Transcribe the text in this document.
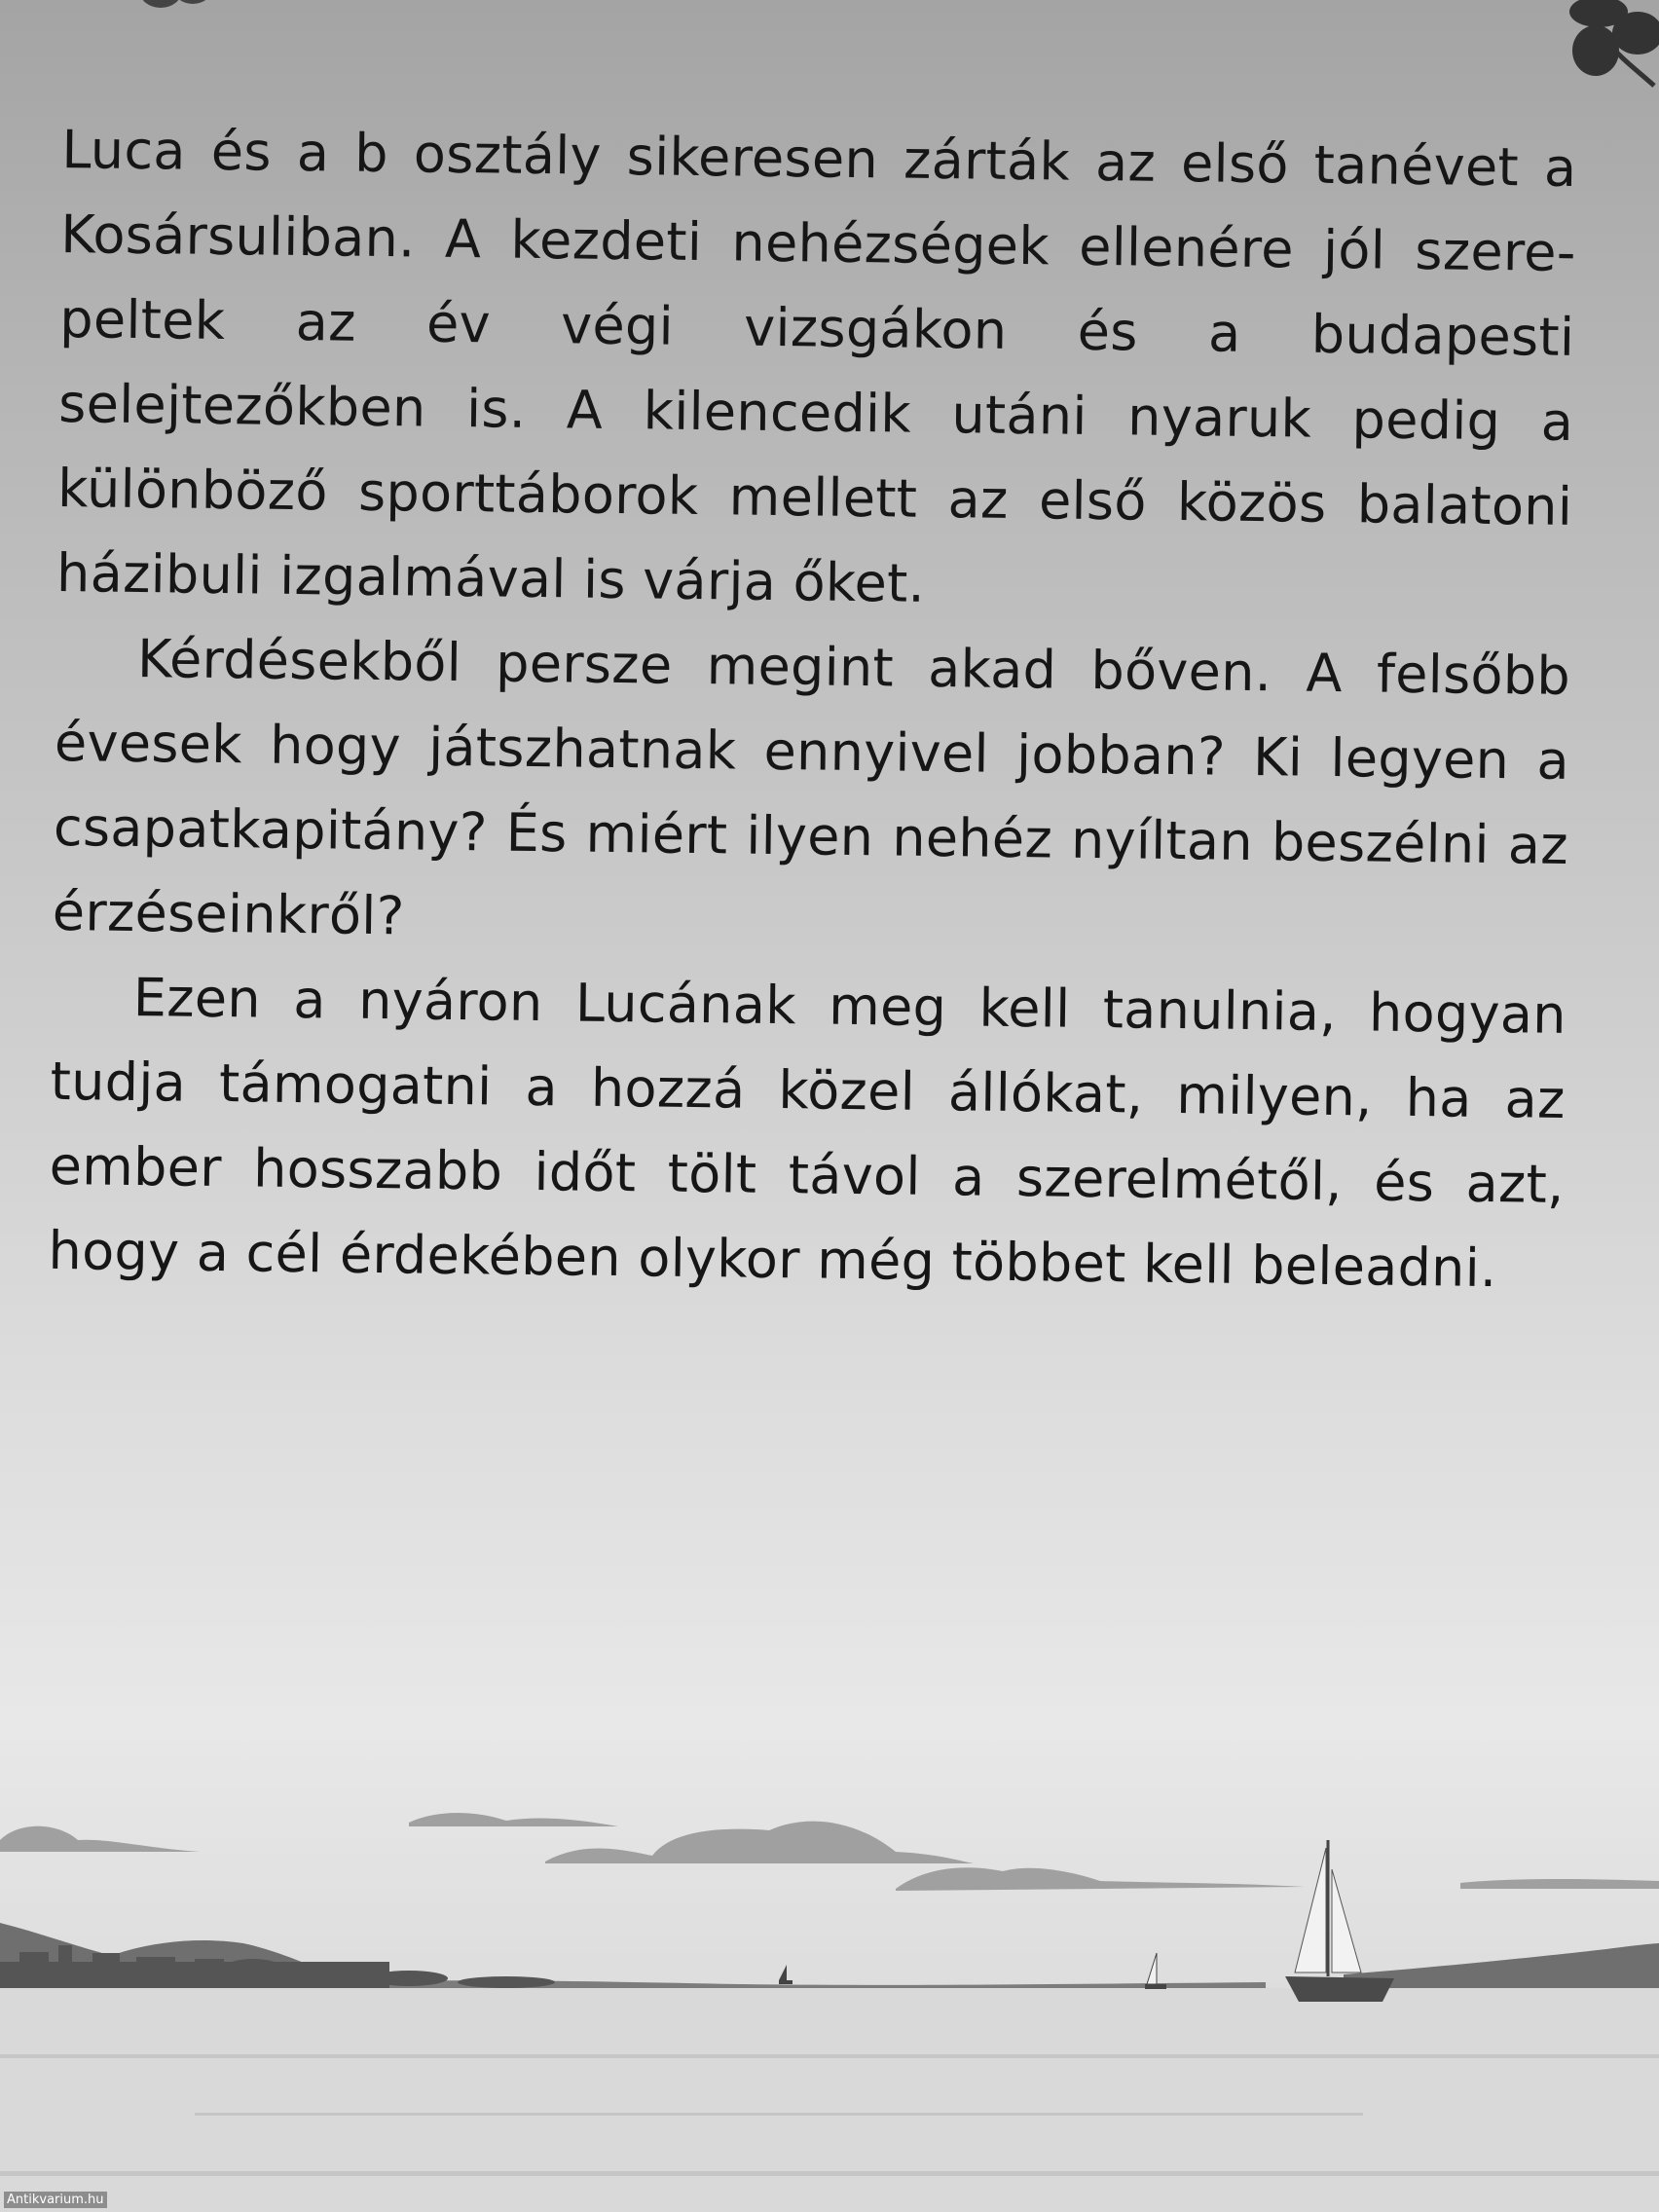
Luca és a b osztály sikeresen zárták az első tanévet a Kosársuliban. A kezdeti nehézségek ellenére jól szerepeltek az év végi vizsgákon és a budapesti selejtezőkben is. A kilencedik utáni nyaruk pedig a különböző sporttáborok mellett az első közös balatoni házibuli izgalmával is várja őket.

Kérdésekből persze megint akad bőven. A felsőbb évesek hogy játszhatnak ennyivel jobban? Ki legyen a csapatkapitány? És miért ilyen nehéz nyíltan beszélni az érzéseinkről?

Ezen a nyáron Lucának meg kell tanulnia, hogyan tudja támogatni a hozzá közel állókat, milyen, ha az ember hosszabb időt tölt távol a szerelmétől, és azt, hogy a cél érdekében olykor még többet kell beleadni.

Antikvarium.hu
